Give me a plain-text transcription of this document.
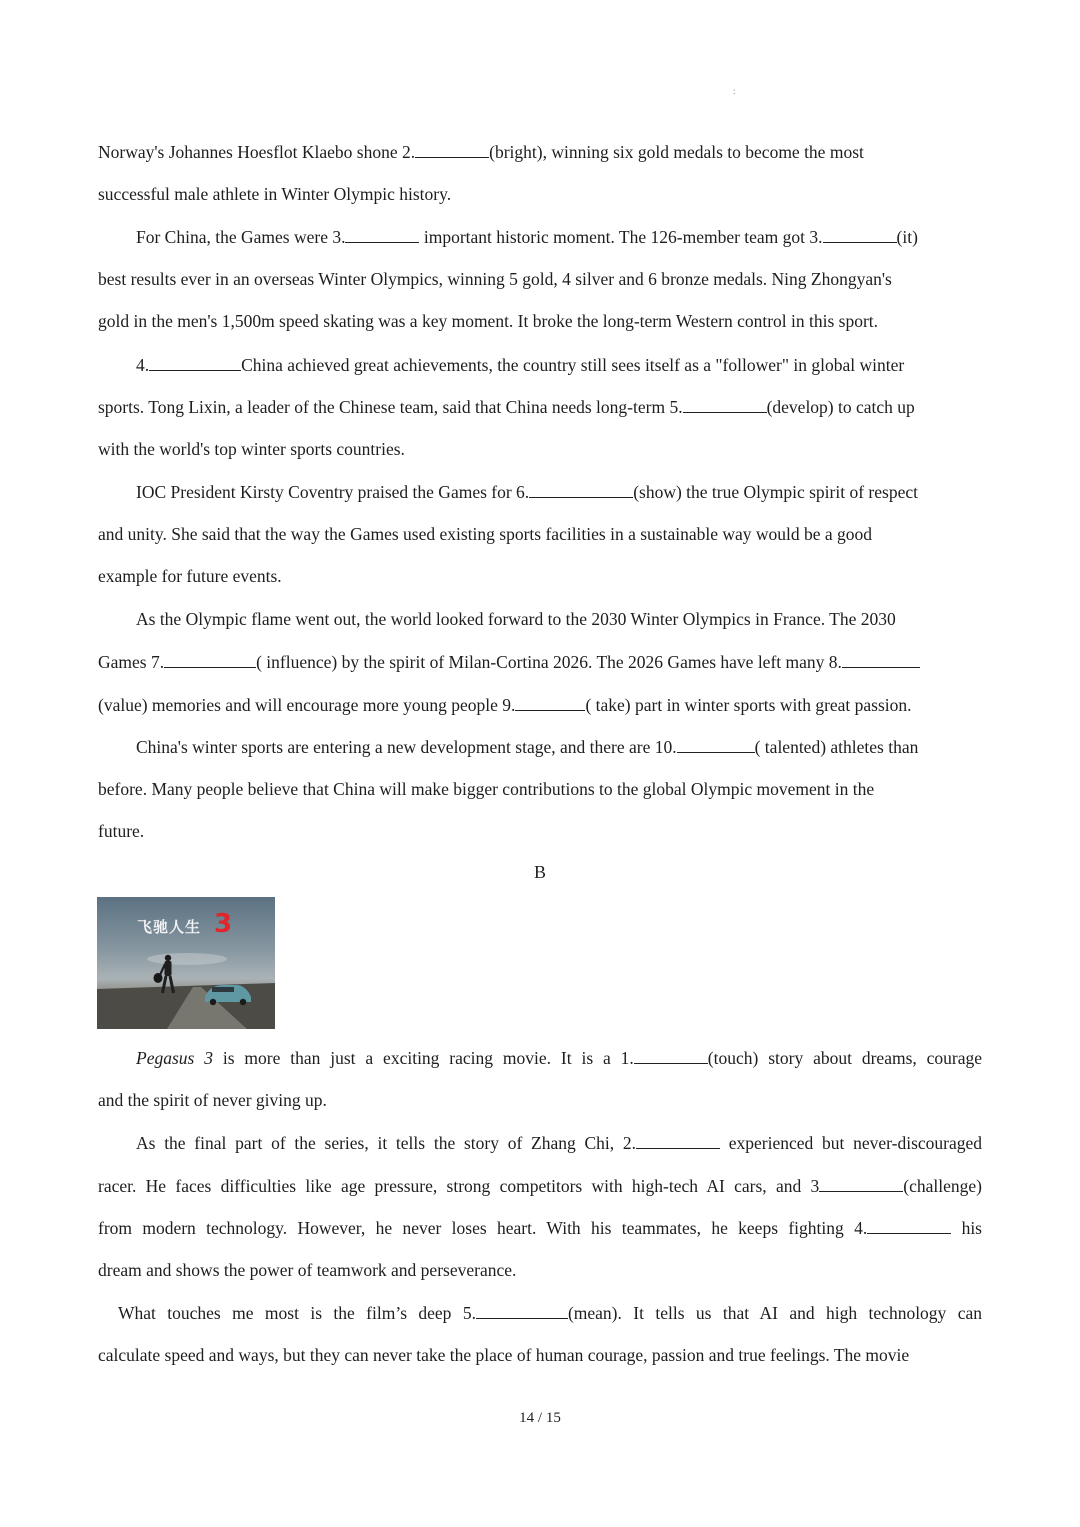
:
Norway's Johannes Hoesflot Klaebo shone 2.	(bright), winning six gold medals to become the most
successful male athlete in Winter Olympic history.
For China, the Games were 3.	important historic moment. The 126-member team got 3.	(it)
best results ever in an overseas Winter Olympics, winning 5 gold, 4 silver and 6 bronze medals. Ning Zhongyan's
gold in the men's 1,500m speed skating was a key moment. It broke the long-term Western control in this sport.
4.	China achieved great achievements, the country still sees itself as a "follower" in global winter
sports. Tong Lixin, a leader of the Chinese team, said that China needs long-term 5.	(develop) to catch up
with the world's top winter sports countries.
IOC President Kirsty Coventry praised the Games for 6.	(show) the true Olympic spirit of respect
and unity. She said that the way the Games used existing sports facilities in a sustainable way would be a good
example for future events.
As the Olympic flame went out, the world looked forward to the 2030 Winter Olympics in France. The 2030
Games 7.	( influence) by the spirit of Milan-Cortina 2026. The 2026 Games have left many 8.
(value) memories and will encourage more young people 9.	( take) part in winter sports with great passion.
China's winter sports are entering a new development stage, and there are 10.	( talented) athletes than
before. Many people believe that China will make bigger contributions to the global Olympic movement in the
future.
B
飞驰人生 3
Pegasus 3 is more than just a exciting racing movie. It is a 1.	(touch) story about dreams, courage
and the spirit of never giving up.
As the final part of the series, it tells the story of Zhang Chi, 2.	experienced but never-discouraged
racer. He faces difficulties like age pressure, strong competitors with high-tech AI cars, and 3	(challenge)
from modern technology. However, he never loses heart. With his teammates, he keeps fighting 4.	his
dream and shows the power of teamwork and perseverance.
What touches me most is the film’s deep 5.	(mean). It tells us that AI and high technology can
calculate speed and ways, but they can never take the place of human courage, passion and true feelings. The movie
14 / 15
